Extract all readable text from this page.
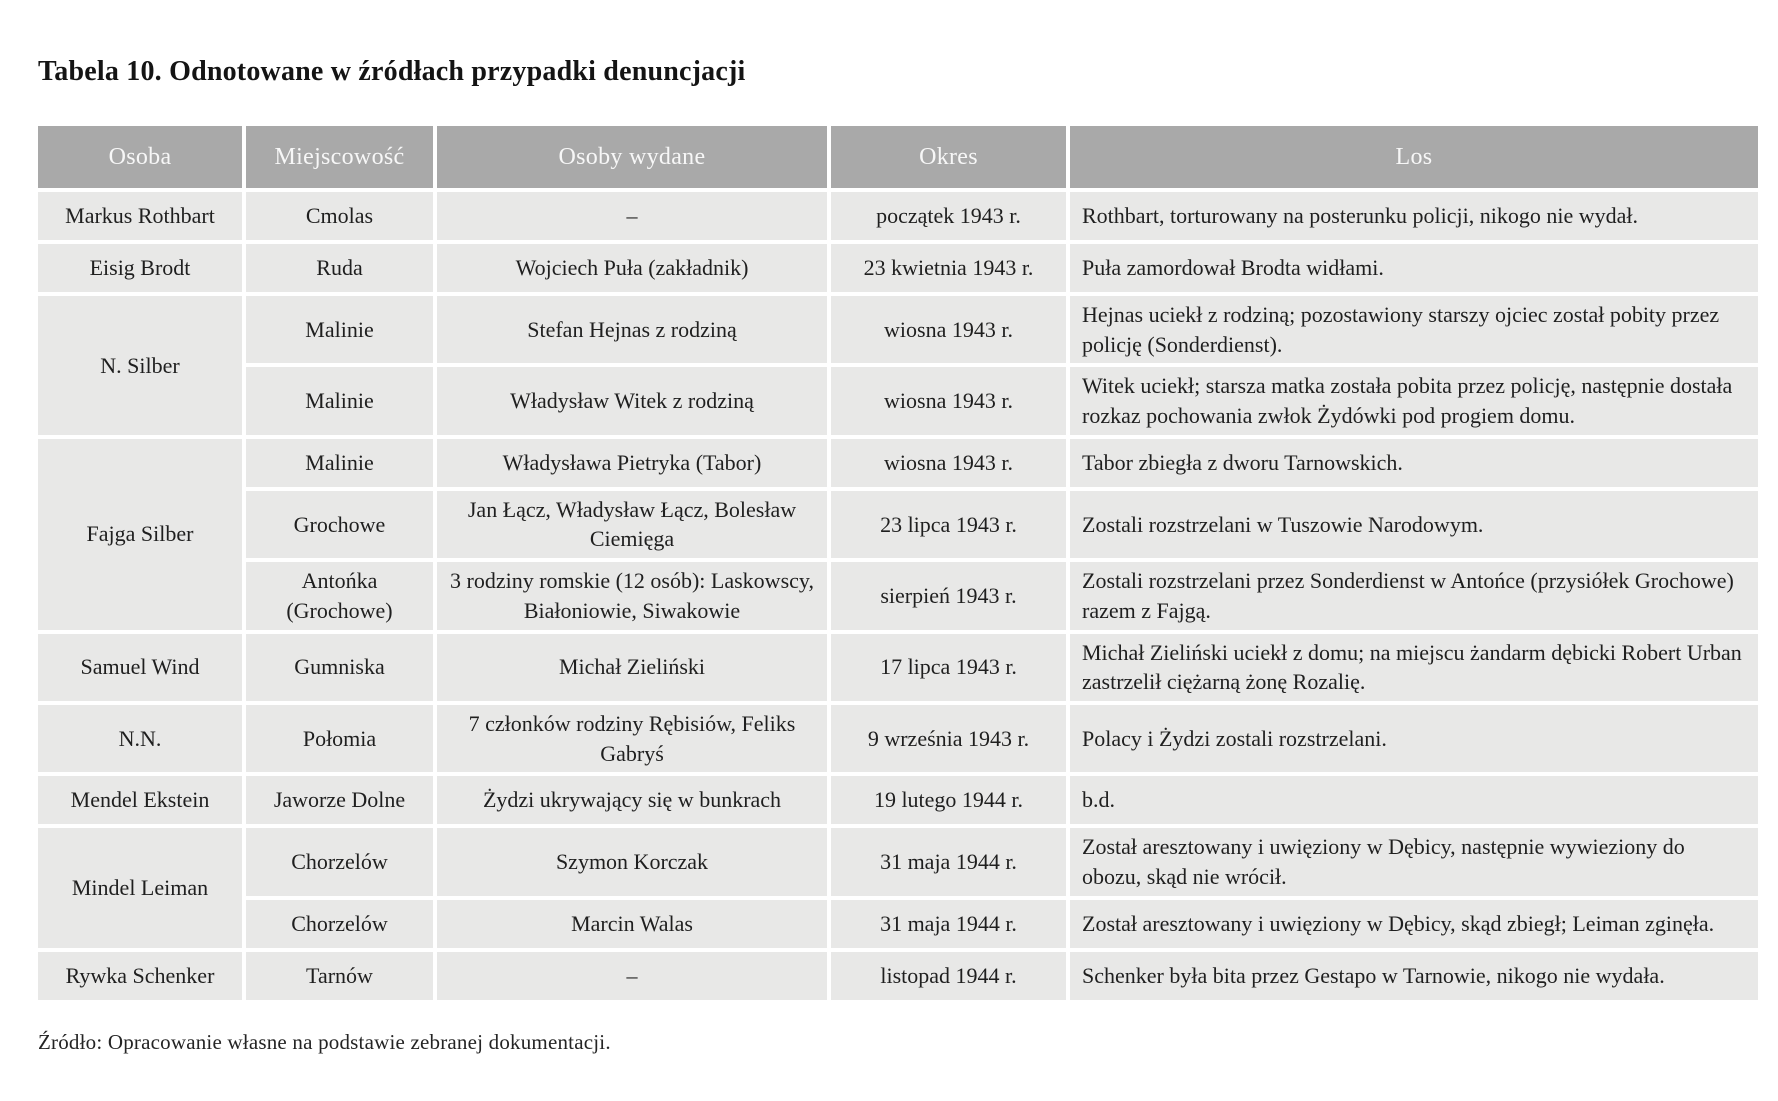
Tabela 10. Odnotowane w źródłach przypadki denuncjacji
Osoba	Miejscowość	Osoby wydane	Okres	Los
Markus Rothbart	Cmolas	–	początek 1943 r.	Rothbart, torturowany na posterunku policji, nikogo nie wydał.
Eisig Brodt	Ruda	Wojciech Puła (zakładnik)	23 kwietnia 1943 r.	Puła zamordował Brodta widłami.
N. Silber	Malinie	Stefan Hejnas z rodziną	wiosna 1943 r.	Hejnas uciekł z rodziną; pozostawiony starszy ojciec został pobity przez policję (Sonderdienst).
	Malinie	Władysław Witek z rodziną	wiosna 1943 r.	Witek uciekł; starsza matka została pobita przez policję, następnie dostała rozkaz pochowania zwłok Żydówki pod progiem domu.
Fajga Silber	Malinie	Władysława Pietryka (Tabor)	wiosna 1943 r.	Tabor zbiegła z dworu Tarnowskich.
	Grochowe	Jan Łącz, Władysław Łącz, Bolesław Ciemięga	23 lipca 1943 r.	Zostali rozstrzelani w Tuszowie Narodowym.
	Antońka (Grochowe)	3 rodziny romskie (12 osób): Laskowscy, Białoniowie, Siwakowie	sierpień 1943 r.	Zostali rozstrzelani przez Sonderdienst w Antońce (przysiółek Grochowe) razem z Fajgą.
Samuel Wind	Gumniska	Michał Zieliński	17 lipca 1943 r.	Michał Zieliński uciekł z domu; na miejscu żandarm dębicki Robert Urban zastrzelił ciężarną żonę Rozalię.
N.N.	Połomia	7 członków rodziny Rębisiów, Feliks Gabryś	9 września 1943 r.	Polacy i Żydzi zostali rozstrzelani.
Mendel Ekstein	Jaworze Dolne	Żydzi ukrywający się w bunkrach	19 lutego 1944 r.	b.d.
Mindel Leiman	Chorzelów	Szymon Korczak	31 maja 1944 r.	Został aresztowany i uwięziony w Dębicy, następnie wywieziony do obozu, skąd nie wrócił.
	Chorzelów	Marcin Walas	31 maja 1944 r.	Został aresztowany i uwięziony w Dębicy, skąd zbiegł; Leiman zginęła.
Rywka Schenker	Tarnów	–	listopad 1944 r.	Schenker była bita przez Gestapo w Tarnowie, nikogo nie wydała.

Źródło: Opracowanie własne na podstawie zebranej dokumentacji.
